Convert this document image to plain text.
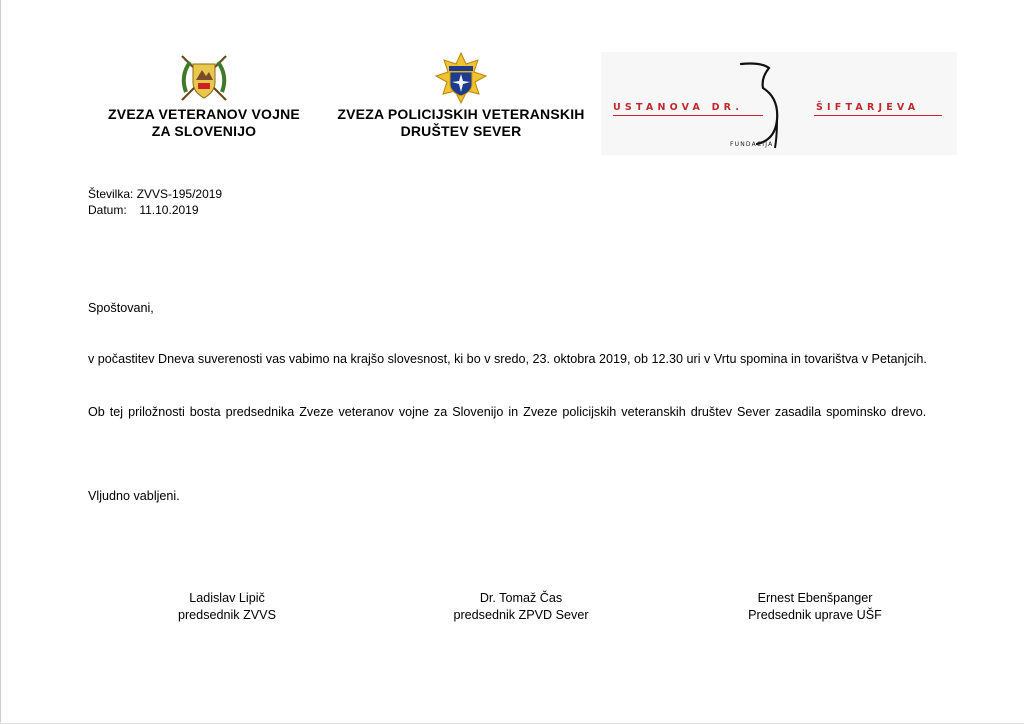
ZVEZA VETERANOV VOJNE
ZA SLOVENIJO
ZVEZA POLICIJSKIH VETERANSKIH
DRUŠTEV SEVER
USTANOVA DR.	ŠIFTARJEVA
FUNDACIJA
Številka: ZVVS-195/2019
Datum: 11.10.2019
Spoštovani,
v počastitev Dneva suverenosti vas vabimo na krajšo slovesnost, ki bo v sredo, 23. oktobra 2019, ob 12.30 uri v Vrtu spomina in tovarištva v Petanjcih.
Ob tej priložnosti bosta predsednika Zveze veteranov vojne za Slovenijo in Zveze policijskih veteranskih društev Sever zasadila spominsko drevo.
Vljudno vabljeni.
Ladislav Lipič
predsednik ZVVS
Dr. Tomaž Čas
predsednik ZPVD Sever
Ernest Ebenšpanger
Predsednik uprave UŠF
